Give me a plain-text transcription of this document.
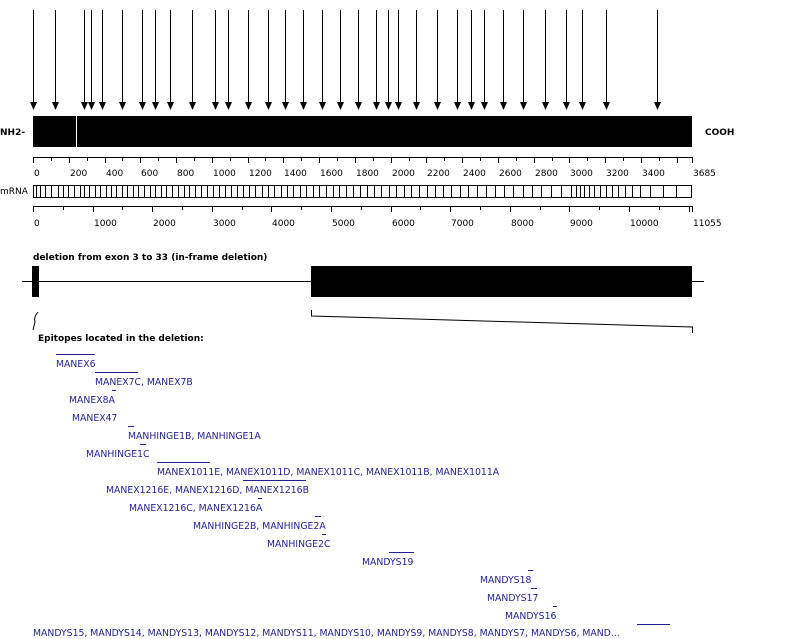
NH2-	COOH
0	200 400 600 800 1000 1200 1400 1600 1800 2000 2200 2400 2600 2800 3000 3200 3400	3685
mRNA
0	1000	2000	3000	4000	5000	6000	7000	8000	9000	10000	11055
deletion from exon 3 to 33 (in-frame deletion)
Epitopes located in the deletion:
MANEX6
MANEX7C, MANEX7B
MANEX8A
MANEX47
MANHINGE1B, MANHINGE1A
MANHINGE1C
MANEX1011E, MANEX1011D, MANEX1011C, MANEX1011B, MANEX1011A
MANEX1216E, MANEX1216D, MANEX1216B
MANEX1216C, MANEX1216A
MANHINGE2B, MANHINGE2A
MANHINGE2C
MANDYS19
MANDYS18
MANDYS17
MANDYS16
MANDYS15, MANDYS14, MANDYS13, MANDYS12, MANDYS11, MANDYS10, MANDYS9, MANDYS8, MANDYS7, MANDYS6, MAND...
